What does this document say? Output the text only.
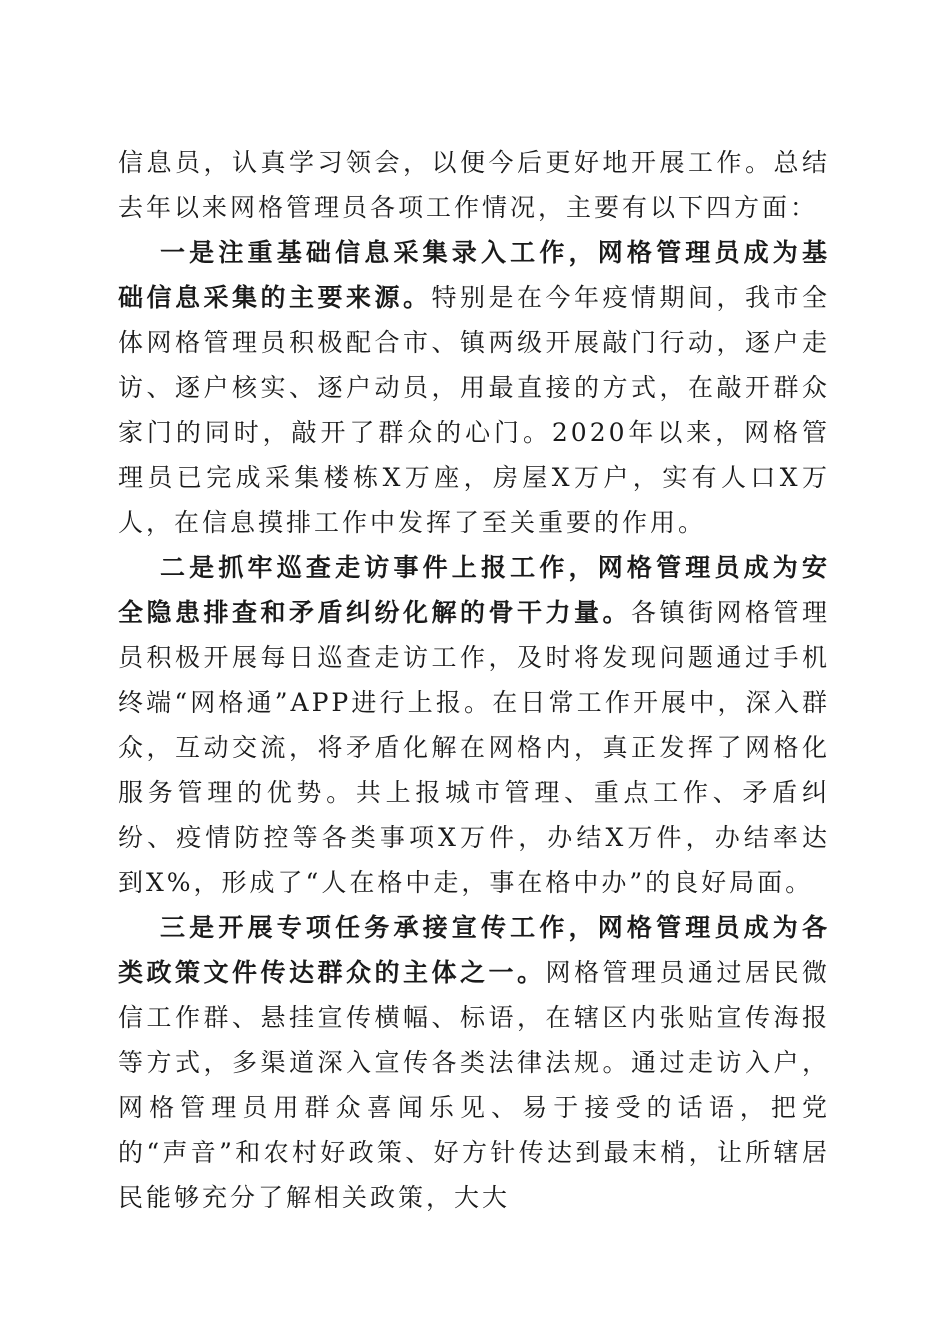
信息员，认真学习领会，以便今后更好地开展工作。总结去年以来网格管理员各项工作情况，主要有以下四方面：

一是注重基础信息采集录入工作，网格管理员成为基础信息采集的主要来源。特别是在今年疫情期间，我市全体网格管理员积极配合市、镇两级开展敲门行动，逐户走访、逐户核实、逐户动员，用最直接的方式，在敲开群众家门的同时，敲开了群众的心门。2020年以来，网格管理员已完成采集楼栋X万座，房屋X万户，实有人口X万人，在信息摸排工作中发挥了至关重要的作用。

二是抓牢巡查走访事件上报工作，网格管理员成为安全隐患排查和矛盾纠纷化解的骨干力量。各镇街网格管理员积极开展每日巡查走访工作，及时将发现问题通过手机终端“网格通”APP进行上报。在日常工作开展中，深入群众，互动交流，将矛盾化解在网格内，真正发挥了网格化服务管理的优势。共上报城市管理、重点工作、矛盾纠纷、疫情防控等各类事项X万件，办结X万件，办结率达到X%，形成了“人在格中走，事在格中办”的良好局面。

三是开展专项任务承接宣传工作，网格管理员成为各类政策文件传达群众的主体之一。网格管理员通过居民微信工作群、悬挂宣传横幅、标语，在辖区内张贴宣传海报等方式，多渠道深入宣传各类法律法规。通过走访入户，网格管理员用群众喜闻乐见、易于接受的话语，把党的“声音”和农村好政策、好方针传达到最末梢，让所辖居民能够充分了解相关政策，大大
